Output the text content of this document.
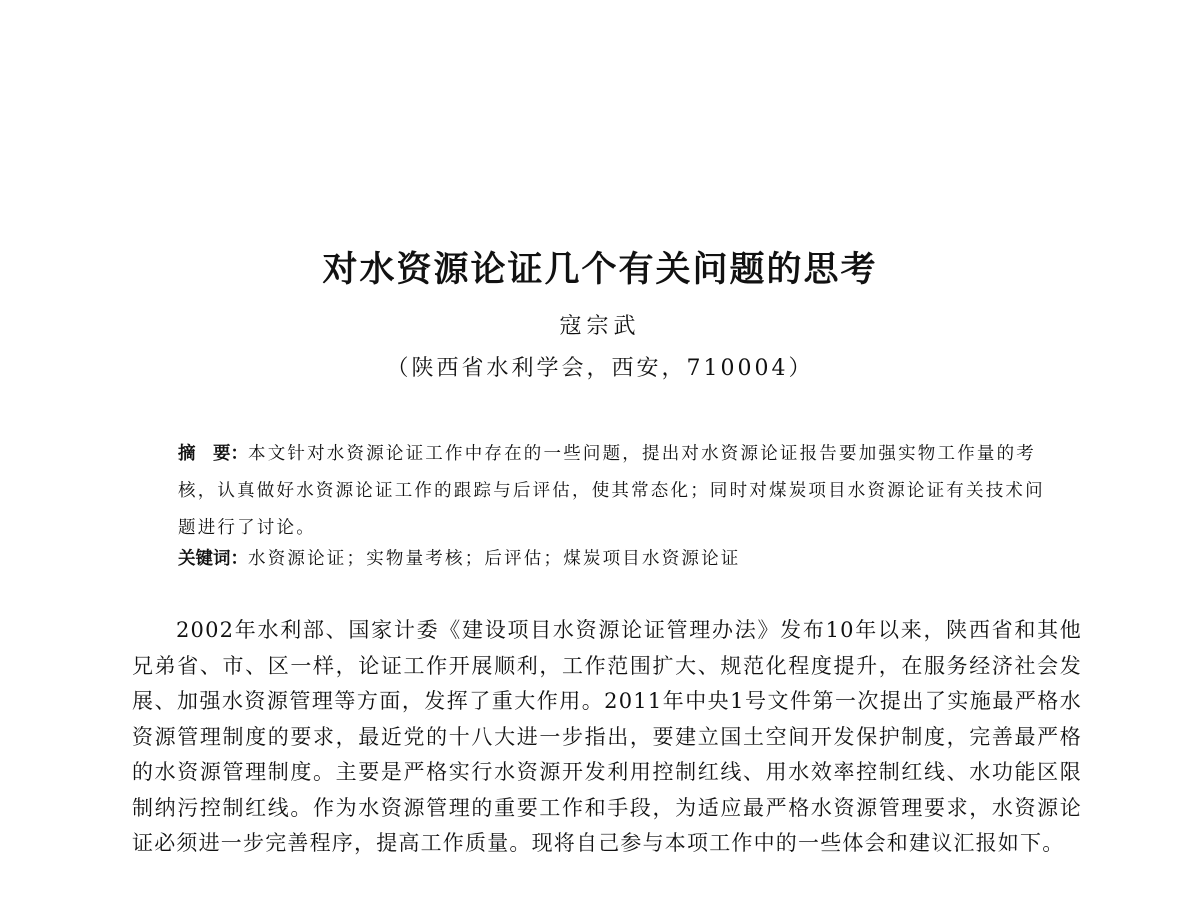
对水资源论证几个有关问题的思考
寇宗武
（陕西省水利学会，西安，710004）
摘　要：本文针对水资源论证工作中存在的一些问题，提出对水资源论证报告要加强实物工作量的考核，认真做好水资源论证工作的跟踪与后评估，使其常态化；同时对煤炭项目水资源论证有关技术问题进行了讨论。
关键词：水资源论证；实物量考核；后评估；煤炭项目水资源论证

2002年水利部、国家计委《建设项目水资源论证管理办法》发布10年以来，陕西省和其他兄弟省、市、区一样，论证工作开展顺利，工作范围扩大、规范化程度提升，在服务经济社会发展、加强水资源管理等方面，发挥了重大作用。2011年中央1号文件第一次提出了实施最严格水资源管理制度的要求，最近党的十八大进一步指出，要建立国土空间开发保护制度，完善最严格的水资源管理制度。主要是严格实行水资源开发利用控制红线、用水效率控制红线、水功能区限制纳污控制红线。作为水资源管理的重要工作和手段，为适应最严格水资源管理要求，水资源论证必须进一步完善程序，提高工作质量。现将自己参与本项工作中的一些体会和建议汇报如下。
